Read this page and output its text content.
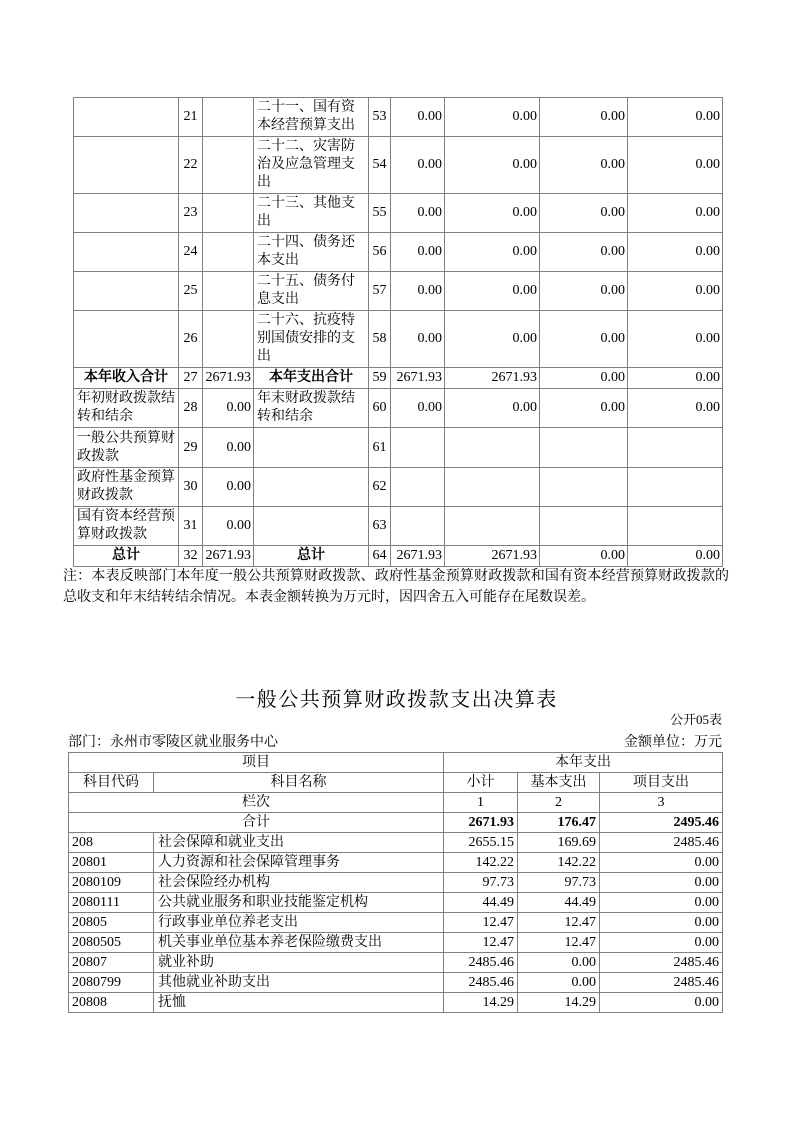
	21		二十一、国有资本经营预算支出	53	0.00	0.00	0.00	0.00
	22		二十二、灾害防治及应急管理支出	54	0.00	0.00	0.00	0.00
	23		二十三、其他支出	55	0.00	0.00	0.00	0.00
	24		二十四、债务还本支出	56	0.00	0.00	0.00	0.00
	25		二十五、债务付息支出	57	0.00	0.00	0.00	0.00
	26		二十六、抗疫特别国债安排的支出	58	0.00	0.00	0.00	0.00
本年收入合计	27	2671.93	本年支出合计	59	2671.93	2671.93	0.00	0.00
年初财政拨款结转和结余	28	0.00	年末财政拨款结转和结余	60	0.00	0.00	0.00	0.00
一般公共预算财政拨款	29	0.00		61				
政府性基金预算财政拨款	30	0.00		62				
国有资本经营预算财政拨款	31	0.00		63				
总计	32	2671.93	总计	64	2671.93	2671.93	0.00	0.00
注：本表反映部门本年度一般公共预算财政拨款、政府性基金预算财政拨款和国有资本经营预算财政拨款的总收支和年末结转结余情况。本表金额转换为万元时，因四舍五入可能存在尾数误差。
一般公共预算财政拨款支出决算表
公开05表
部门：永州市零陵区就业服务中心	金额单位：万元
项目		本年支出		
科目代码	科目名称	小计	基本支出	项目支出
栏次		1	2	3
合计		2671.93	176.47	2495.46
208	社会保障和就业支出	2655.15	169.69	2485.46
20801	人力资源和社会保障管理事务	142.22	142.22	0.00
2080109	社会保险经办机构	97.73	97.73	0.00
2080111	公共就业服务和职业技能鉴定机构	44.49	44.49	0.00
20805	行政事业单位养老支出	12.47	12.47	0.00
2080505	机关事业单位基本养老保险缴费支出	12.47	12.47	0.00
20807	就业补助	2485.46	0.00	2485.46
2080799	其他就业补助支出	2485.46	0.00	2485.46
20808	抚恤	14.29	14.29	0.00
